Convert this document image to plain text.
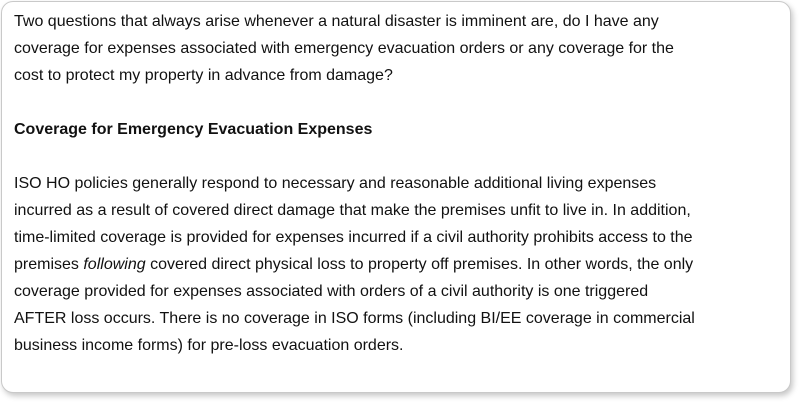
Two questions that always arise whenever a natural disaster is imminent are, do I have any
coverage for expenses associated with emergency evacuation orders or any coverage for the
cost to protect my property in advance from damage?
Coverage for Emergency Evacuation Expenses
ISO HO policies generally respond to necessary and reasonable additional living expenses
incurred as a result of covered direct damage that make the premises unfit to live in. In addition,
time-limited coverage is provided for expenses incurred if a civil authority prohibits access to the
premises following covered direct physical loss to property off premises. In other words, the only
coverage provided for expenses associated with orders of a civil authority is one triggered
AFTER loss occurs. There is no coverage in ISO forms (including BI/EE coverage in commercial
business income forms) for pre-loss evacuation orders.
